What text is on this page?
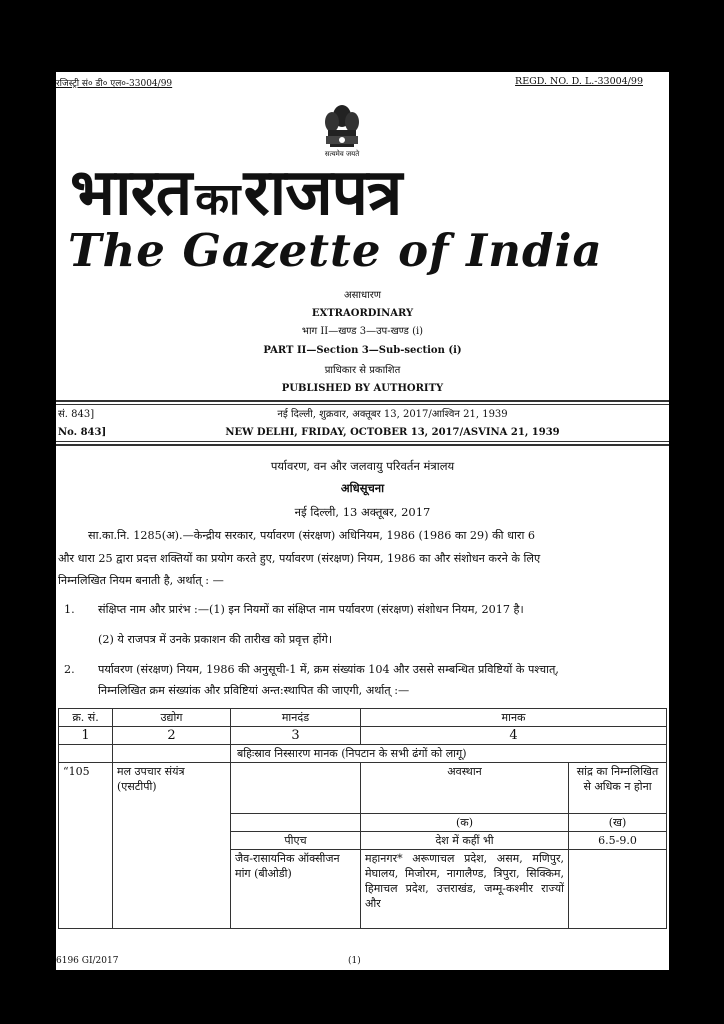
रजिस्ट्री सं० डी० एल०-33004/99	REGD. NO. D. L.-33004/99
सत्यमेव जयते
भारतकाराजपत्र
The Gazette of India
असाधारण
EXTRAORDINARY
भाग II—खण्ड 3—उप-खण्ड (i)
PART II—Section 3—Sub-section (i)
प्राधिकार से प्रकाशित
PUBLISHED BY AUTHORITY
सं. 843]	नई दिल्ली, शुक्रवार, अक्तूबर 13, 2017/आश्विन 21, 1939
No. 843]	NEW DELHI, FRIDAY, OCTOBER 13, 2017/ASVINA 21, 1939
पर्यावरण, वन और जलवायु परिवर्तन मंत्रालय
अधिसूचना
नई दिल्ली, 13 अक्तूबर, 2017
सा.का.नि. 1285(अ).—केन्द्रीय सरकार, पर्यावरण (संरक्षण) अधिनियम, 1986 (1986 का 29) की धारा 6
और धारा 25 द्वारा प्रदत्त शक्तियों का प्रयोग करते हुए, पर्यावरण (संरक्षण) नियम, 1986 का और संशोधन करने के लिए
निम्नलिखित नियम बनाती है, अर्थात् : —
1. संक्षिप्त नाम और प्रारंभ :—(1) इन नियमों का संक्षिप्त नाम पर्यावरण (संरक्षण) संशोधन नियम, 2017 है।
(2) ये राजपत्र में उनके प्रकाशन की तारीख को प्रवृत्त होंगे।
2. पर्यावरण (संरक्षण) नियम, 1986 की अनुसूची-1 में, क्रम संख्यांक 104 और उससे सम्बन्धित प्रविष्टियों के पश्चात्,
निम्नलिखित क्रम संख्यांक और प्रविष्टियां अन्त:स्थापित की जाएगी, अर्थात् :—
क्र. सं.	उद्योग	मानदंड	मानक	
1	2	3	4	
		बहिःस्राव निस्सारण मानक (निपटान के सभी ढंगों को लागू)		
“105	मल उपचार संयंत्र (एसटीपी)		अवस्थान	सांद्र का निम्नलिखित से अधिक न होना
			(क)	(ख)
		पीएच	देश में कहीं भी	6.5-9.0
		जैव-रासायनिक ऑक्सीजन मांग (बीओडी)	महानगर* अरूणाचल प्रदेश, असम, मणिपुर, मेघालय, मिजोरम, नागालैण्ड, त्रिपुरा, सिक्किम, हिमाचल प्रदेश, उत्तराखंड, जम्मू-कश्मीर राज्यों और	
6196 GI/2017	(1)
